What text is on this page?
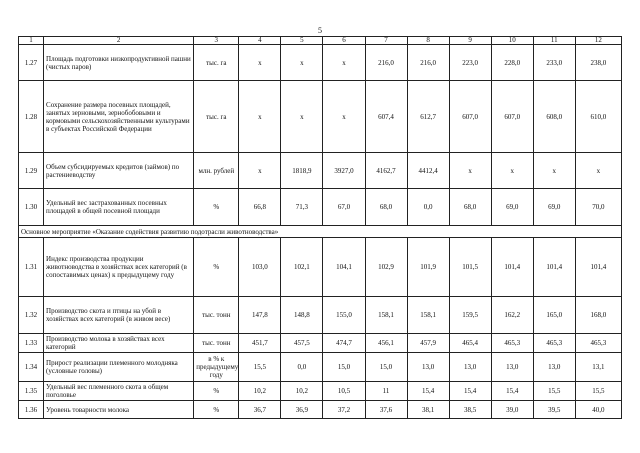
5
1	2	3	4	5	6	7	8	9	10	11	12
1.27	Площадь подготовки низкопродуктивной пашни (чистых паров)	тыс. га	х	х	х	216,0	216,0	223,0	228,0	233,0	238,0
1.28	Сохранение размера посевных площадей, занятых зерновыми, зернобобовыми и кормовыми сельскохозяйственными культурами в субъектах Российской Федерации	тыс. га	х	х	х	607,4	612,7	607,0	607,0	608,0	610,0
1.29	Объем субсидируемых кредитов (займов) по растениеводству	млн. рублей	х	1818,9	3927,0	4162,7	4412,4	х	х	х	х
1.30	Удельный вес застрахованных посевных площадей в общей посевной площади	%	66,8	71,3	67,0	68,0	0,0	68,0	69,0	69,0	70,0
Основное мероприятие «Оказание содействия развитию подотрасли животноводства»											
1.31	Индекс производства продукции животноводства в хозяйствах всех категорий (в сопоставимых ценах) к предыдущему году	%	103,0	102,1	104,1	102,9	101,9	101,5	101,4	101,4	101,4
1.32	Производство скота и птицы на убой в хозяйствах всех категорий (в живом весе)	тыс. тонн	147,8	148,8	155,0	158,1	158,1	159,5	162,2	165,0	168,0
1.33	Производство молока в хозяйствах всех категорий	тыс. тонн	451,7	457,5	474,7	456,1	457,9	465,4	465,3	465,3	465,3
1.34	Прирост реализации племенного молодняка (условные головы)	в % к предыдущему году	15,5	0,0	15,0	15,0	13,0	13,0	13,0	13,0	13,1
1.35	Удельный вес племенного скота в общем поголовье	%	10,2	10,2	10,5	11	15,4	15,4	15,4	15,5	15,5
1.36	Уровень товарности молока	%	36,7	36,9	37,2	37,6	38,1	38,5	39,0	39,5	40,0
